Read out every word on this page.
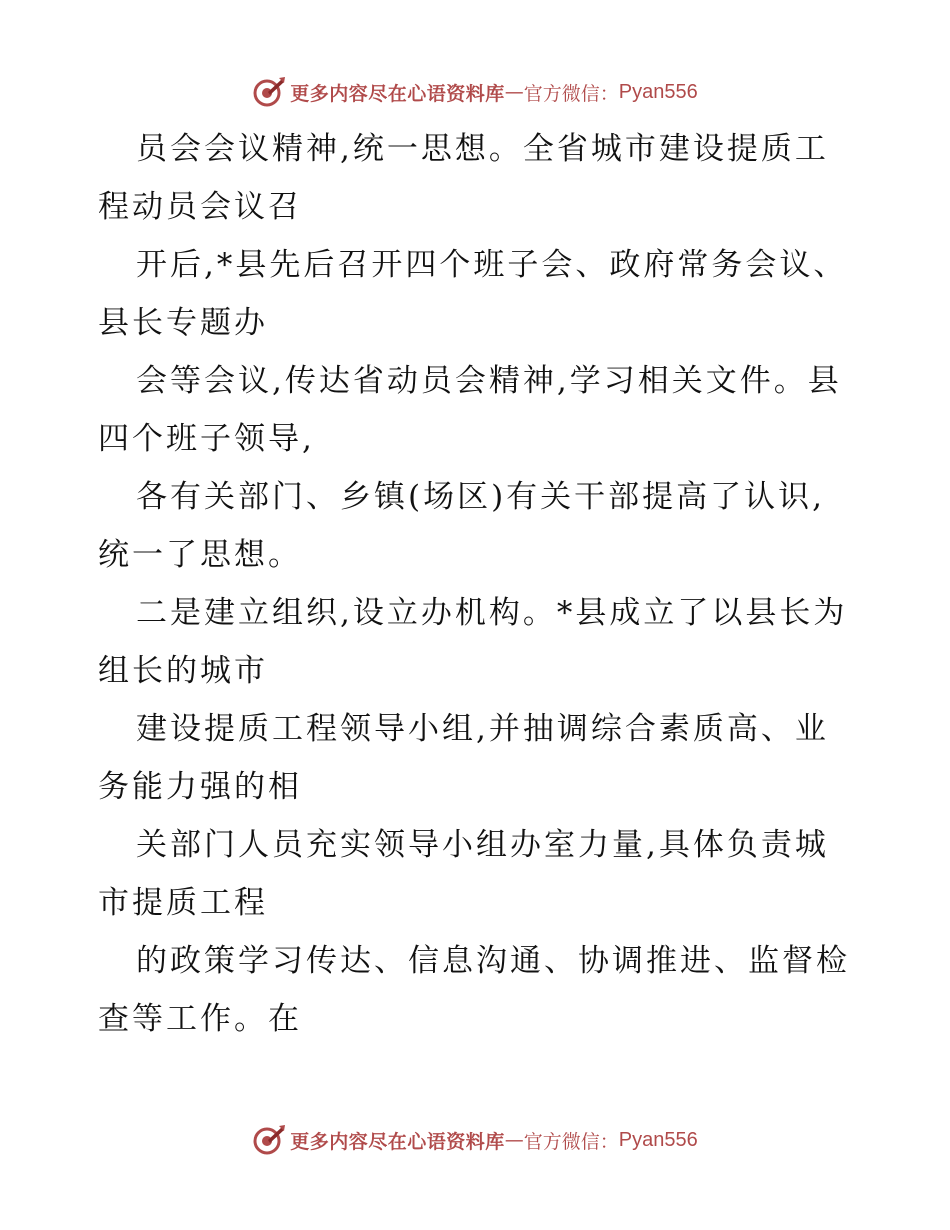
更多内容尽在心语资料库 — 官方微信： Pyan556
员会会议精神,统一思想。全省城市建设提质工
程动员会议召
开后,*县先后召开四个班子会、政府常务会议、
县长专题办
会等会议,传达省动员会精神,学习相关文件。县
四个班子领导,
各有关部门、乡镇(场区)有关干部提高了认识,
统一了思想。
二是建立组织,设立办机构。*县成立了以县长为
组长的城市
建设提质工程领导小组,并抽调综合素质高、业
务能力强的相
关部门人员充实领导小组办室力量,具体负责城
市提质工程
的政策学习传达、信息沟通、协调推进、监督检
查等工作。在
更多内容尽在心语资料库 — 官方微信： Pyan556
